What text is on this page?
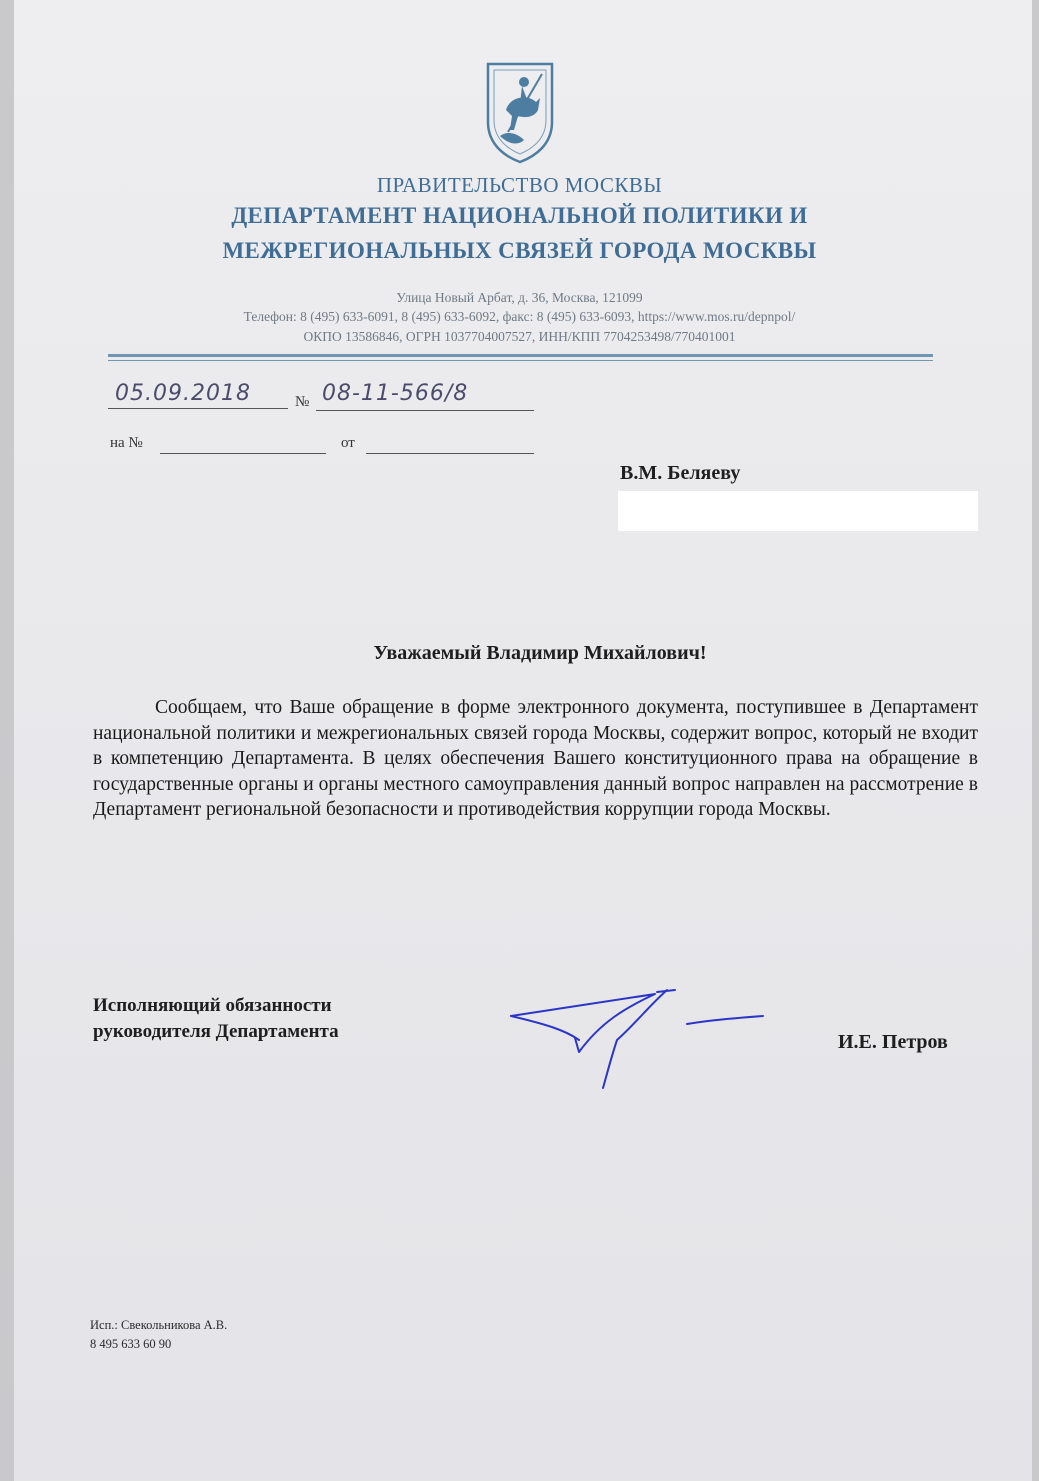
ПРАВИТЕЛЬСТВО МОСКВЫ
ДЕПАРТАМЕНТ НАЦИОНАЛЬНОЙ ПОЛИТИКИ И
МЕЖРЕГИОНАЛЬНЫХ СВЯЗЕЙ ГОРОДА МОСКВЫ
Улица Новый Арбат, д. 36, Москва, 121099
Телефон: 8 (495) 633-6091, 8 (495) 633-6092, факс: 8 (495) 633-6093, https://www.mos.ru/depnpol/
ОКПО 13586846, ОГРН 1037704007527, ИНН/КПП 7704253498/770401001
05.09.2018	№ 08-11-566/8
на №	от
В.М. Беляеву
Уважаемый Владимир Михайлович!

Сообщаем, что Ваше обращение в форме электронного документа, поступившее в Департамент национальной политики и межрегиональных связей города Москвы, содержит вопрос, который не входит в компетенцию Департамента. В целях обеспечения Вашего конституционного права на обращение в государственные органы и органы местного самоуправления данный вопрос направлен на рассмотрение в Департамент региональной безопасности и противодействия коррупции города Москвы.

Исполняющий обязанности
руководителя Департамента	И.Е. Петров
Исп.: Свекольникова А.В.
8 495 633 60 90
